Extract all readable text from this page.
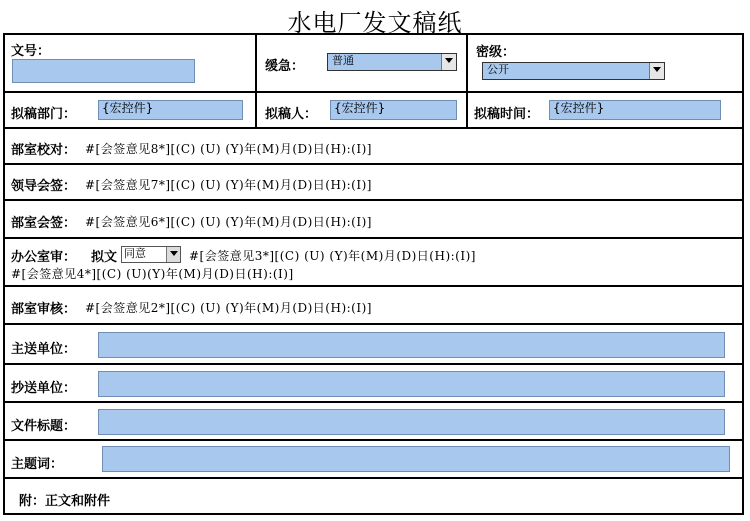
水电厂发文稿纸
文号：
缓急：	普通
密级：
公开
拟稿部门：	{宏控件}	拟稿人：	{宏控件}	拟稿时间：	{宏控件}
部室校对： #[会签意见8*][(C) (U) (Y)年(M)月(D)日(H):(I)]
领导会签： #[会签意见7*][(C) (U) (Y)年(M)月(D)日(H):(I)]
部室会签： #[会签意见6*][(C) (U) (Y)年(M)月(D)日(H):(I)]
办公室审： 拟文 同意	#[会签意见3*][(C) (U) (Y)年(M)月(D)日(H):(I)]
#[会签意见4*][(C) (U)(Y)年(M)月(D)日(H):(I)]
部室审核： #[会签意见2*][(C) (U) (Y)年(M)月(D)日(H):(I)]
主送单位：
抄送单位：
文件标题：
主题词：
附：正文和附件
